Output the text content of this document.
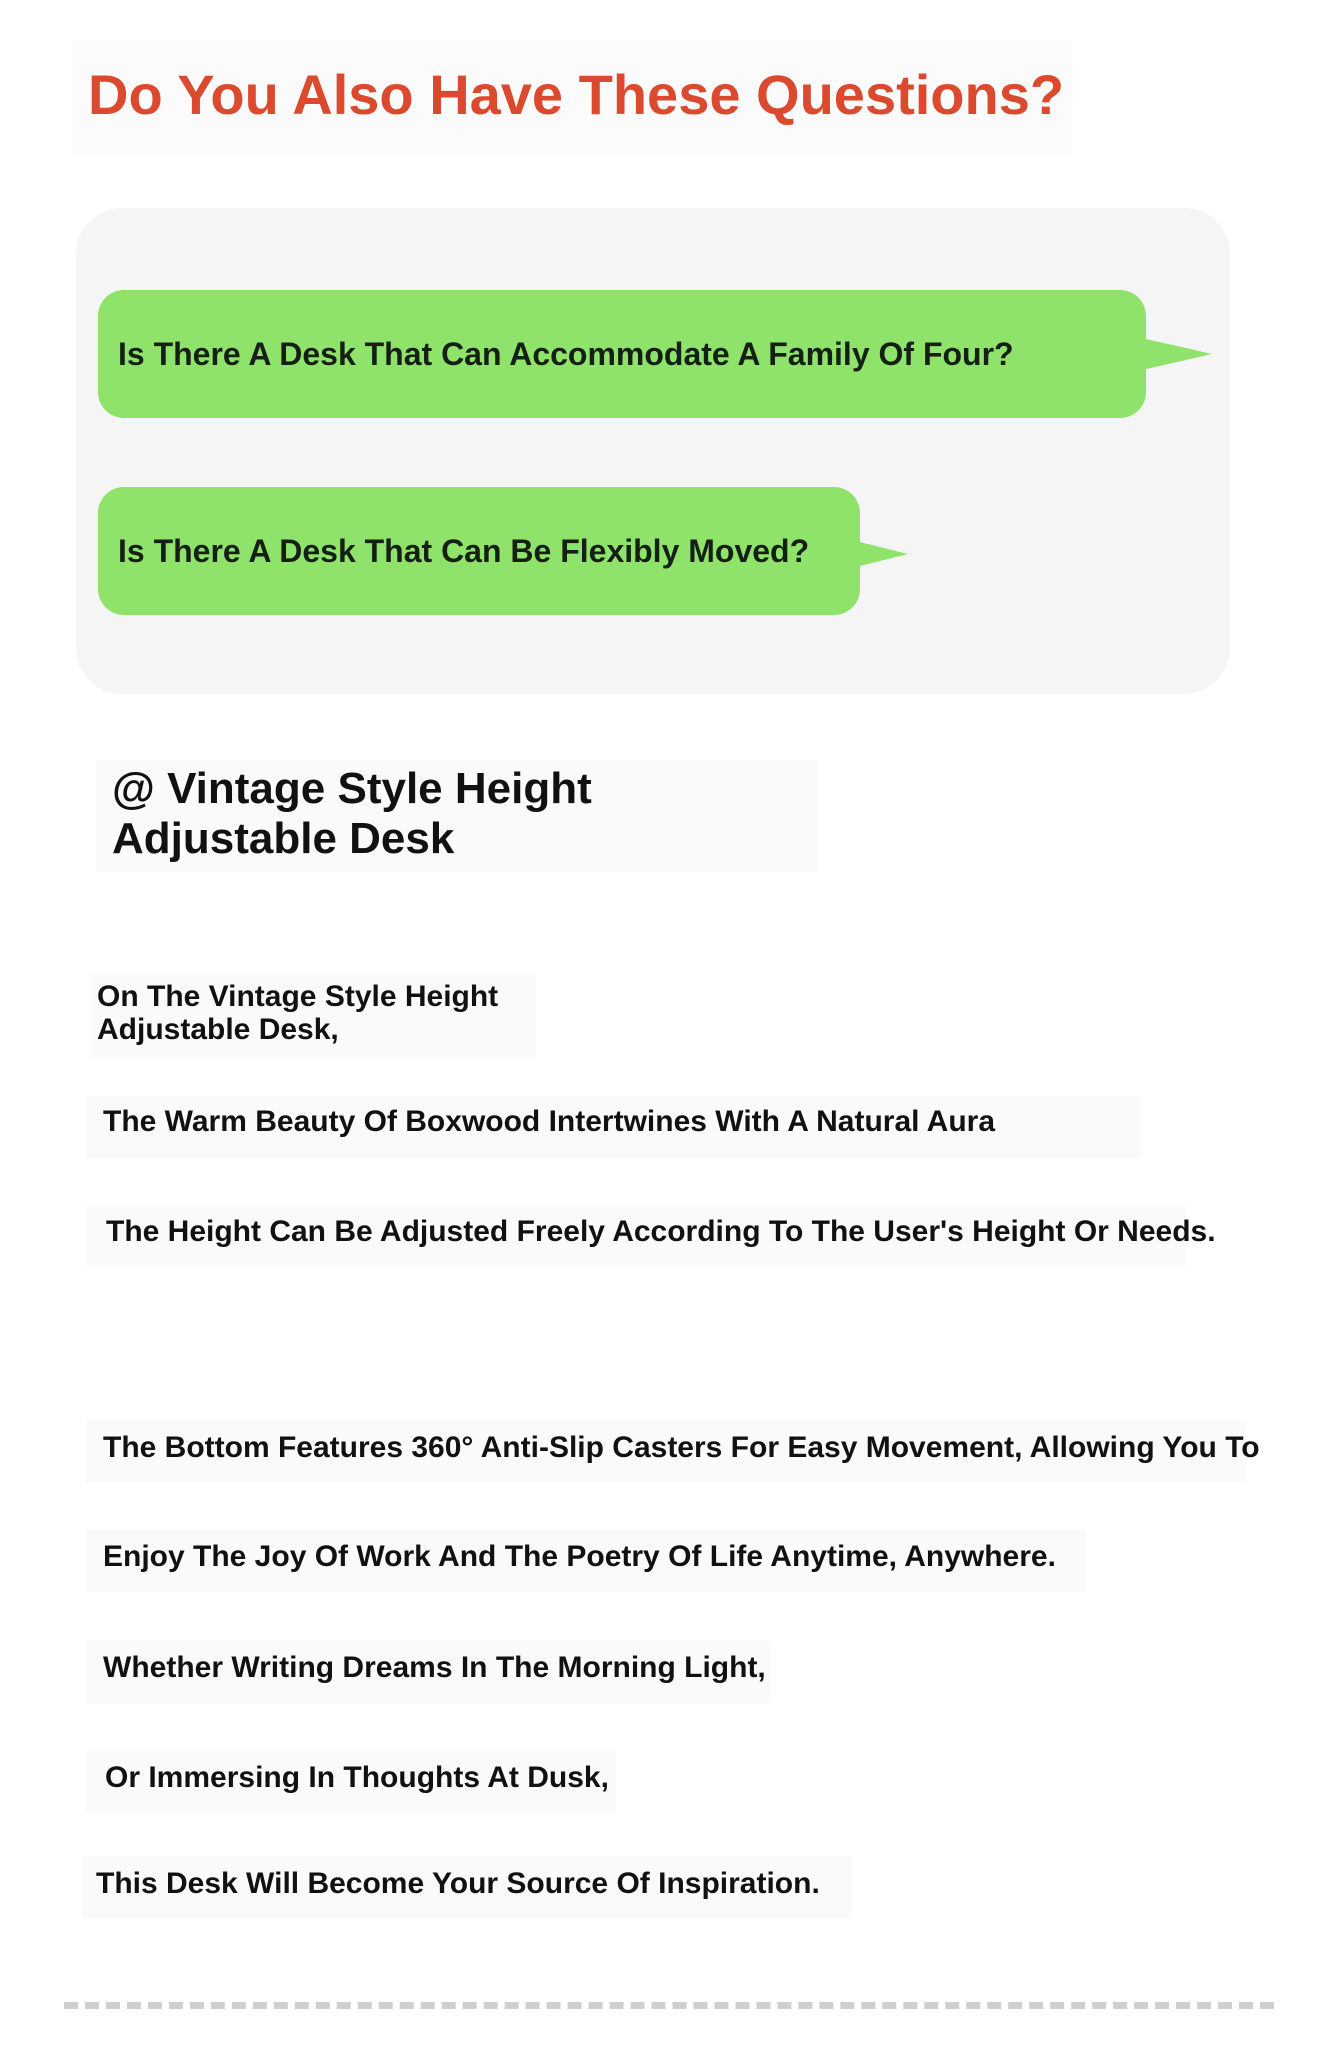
Do You Also Have These Questions?
Is There A Desk That Can Accommodate A Family Of Four?
Is There A Desk That Can Be Flexibly Moved?
@ Vintage Style Height Adjustable Desk

On The Vintage Style Height Adjustable Desk,

The Warm Beauty Of Boxwood Intertwines With A Natural Aura

The Height Can Be Adjusted Freely According To The User's Height Or Needs.

The Bottom Features 360° Anti-Slip Casters For Easy Movement, Allowing You To

Enjoy The Joy Of Work And The Poetry Of Life Anytime, Anywhere.

Whether Writing Dreams In The Morning Light,

Or Immersing In Thoughts At Dusk,

This Desk Will Become Your Source Of Inspiration.
